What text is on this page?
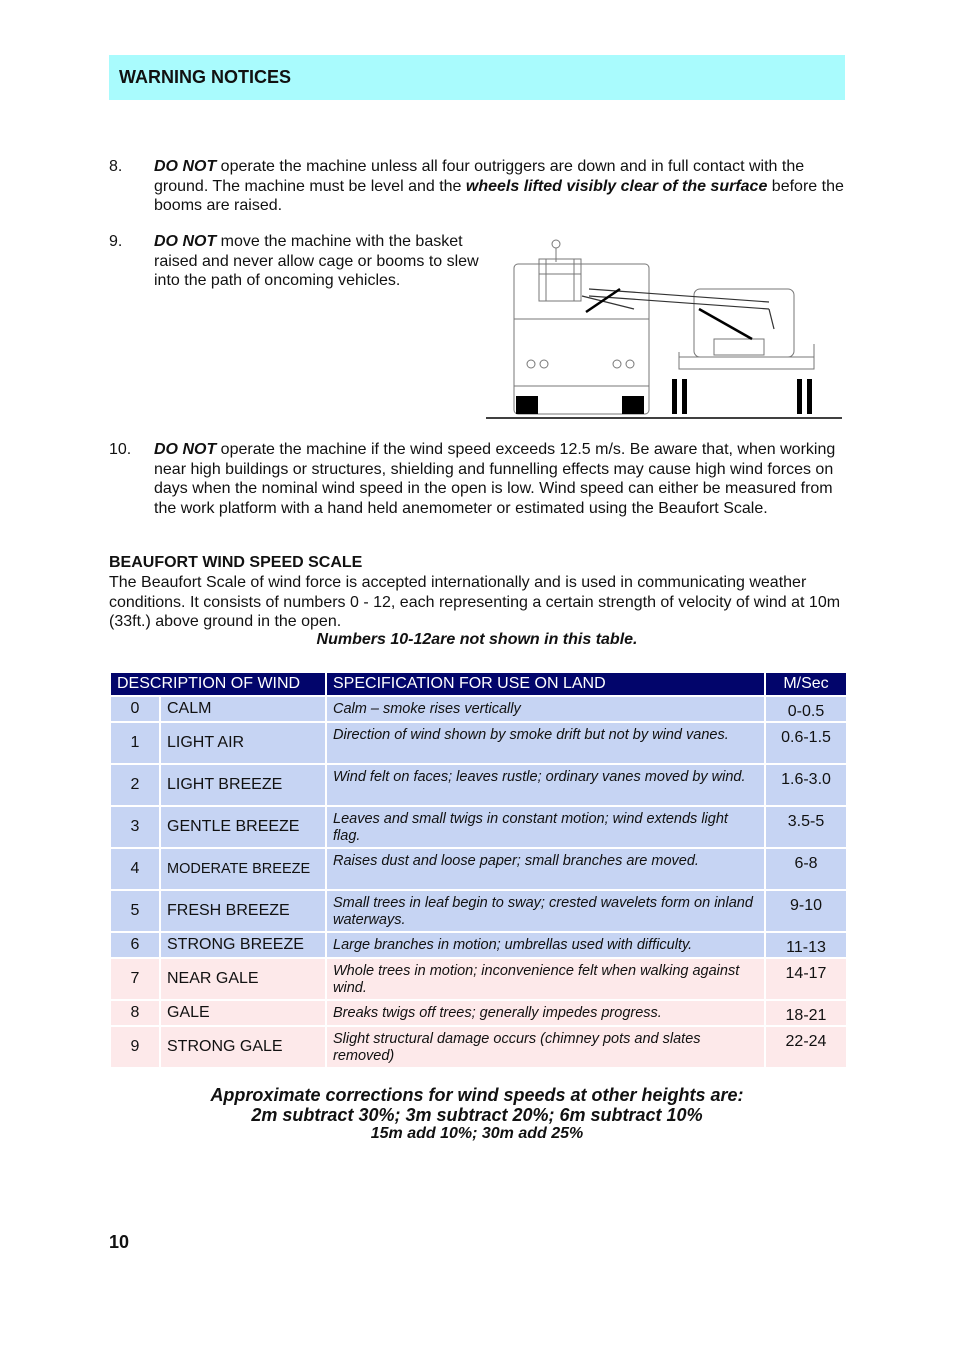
WARNING NOTICES
8. DO NOT operate the machine unless all four outriggers are down and in full contact with the ground. The machine must be level and the wheels lifted visibly clear of the surface before the booms are raised.
9. DO NOT move the machine with the basket raised and never allow cage or booms to slew into the path of oncoming vehicles.
10. DO NOT operate the machine if the wind speed exceeds 12.5 m/s. Be aware that, when working near high buildings or structures, shielding and funnelling effects may cause high wind forces on days when the nominal wind speed in the open is low. Wind speed can either be measured from the work platform with a hand held anemometer or estimated using the Beaufort Scale.
BEAUFORT WIND SPEED SCALE
The Beaufort Scale of wind force is accepted internationally and is used in communicating weather conditions. It consists of numbers 0 - 12, each representing a certain strength of velocity of wind at 10m (33ft.) above ground in the open.
Numbers 10-12are not shown in this table.
DESCRIPTION OF WIND		SPECIFICATION FOR USE ON LAND	M/Sec
0	CALM	Calm – smoke rises vertically	0-0.5
1	LIGHT AIR	Direction of wind shown by smoke drift but not by wind vanes.	0.6-1.5
2	LIGHT BREEZE	Wind felt on faces; leaves rustle; ordinary vanes moved by wind.	1.6-3.0
3	GENTLE BREEZE	Leaves and small twigs in constant motion; wind extends light flag.	3.5-5
4	MODERATE BREEZE	Raises dust and loose paper; small branches are moved.	6-8
5	FRESH BREEZE	Small trees in leaf begin to sway; crested wavelets form on inland waterways.	9-10
6	STRONG BREEZE	Large branches in motion; umbrellas used with difficulty.	11-13
7	NEAR GALE	Whole trees in motion; inconvenience felt when walking against wind.	14-17
8	GALE	Breaks twigs off trees; generally impedes progress.	18-21
9	STRONG GALE	Slight structural damage occurs (chimney pots and slates removed)	22-24
Approximate corrections for wind speeds at other heights are:
2m subtract 30%; 3m subtract 20%; 6m subtract 10%
15m add 10%; 30m add 25%
10
